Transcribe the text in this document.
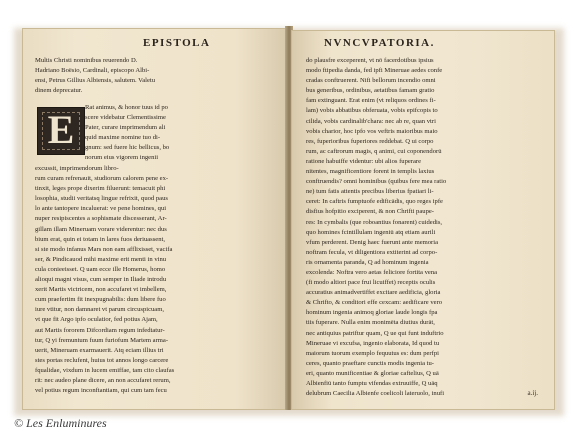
EPISTOLA
Multis Christi nominibus reuerendo D.
Hadriano Boësio, Cardinali, episcopo Albi-
ensi, Petrus Gillius Albiensis, salutem. Valetu
dinem deprecatur.
E	Rat animus, & honor tuus id po
scere videbatur Clementissime
Pater, curare imprimendum ali
quid maxime nomine tuo di-
gnum: sed fuere hic bellicus, bo
norum eius vigorem ingenii
excussit, imprimendorum libro-
rum curam refrenauit, studiorum calorem pene ex-
tinxit, leges prope dixerim filuerunt: temacuit phi
losophia, studii veritatsq lingue refrixit, quod paus
lo ante tantopere incaluerat: ve pene homines, qui
nuper resipiscentes a sophismate discesserant, Ar-
gillam illam Mineruam vorare viderentur: nec dus
bium erat, quin ei totam in lares fuos deriuassent,
si ste modo infanus Mars non eam afflixisset, vacifa
ser, & Pindicauod mihi maxime erit menti in vinu
cula conieeisset. Q uam ecce ille Homerus, homo
alioqui magni visus, cum semper in Iliade introdu
xerit Martis victricem, non accufaret vt imbellem,
cum praefertim fit inexpugnabilis: dum libere fuo
iure vtitur, non damnaret vt parum circuspicuam,
vt que fit Argo ipfo oculatior, fed potius Ajam,
aut Martis fororem Difcordiam regum infedtatur-
tur, Q yi fremuntum fuum furiofum Martem arma-
uerit, Mineruam exarmauerit. Atq eciam illius tri
stes portas reclufent, huius tot annos longo carcere
fqualidae, vixdum in lucem emiffae, tam cito claufas
rit: nec audeo plane dicere, an non accufaret rerum,
vel potius regum inconftantiam, qui cum tam fecu
NVNCVPATORIA.
do plausfre exceperent, vt nō facerdotibus ipsius
modo ftipedia danda, fed ipfi Mineruae aedes confe
cradas conftruerent. Nifi bellorum incendio omni
bus generibus, ordinibus, aetatibus famam gratio
fam extinguant. Erat enim (vt reliquos ordines fi-
lam) vobis abbatibus obferuata, vobis epifcopis to
cilida, vobis cardinalib'chara: nec ab re, quan vtri
vobis charior, hoc ipfo vos veftris maioribus maio
res, fuperioribus fuperiores reddebat. Q ui corpo
rum, ac caftrorum magis, q animi, cui coponendorū
ratione habuiffe videntur: ubi alios fuperare
nitentes, magnificentiore forent in templis laxius
conftruendis? omni hominibus (quibus fere mea ratio
ne) tum fatis attentis precibus liberius fpatiari li-
ceret: In caftris fumptuofe edificādis, quo reges ipfe
disfius hofpitio exciperent, & non Chrifti paupe-
res: In cymbalis (que roboantius fonarent) cuidedis,
quo homines fcintillulam ingeniū atq etiam aurili
vfum perderent. Denig haec fuerunt ante memoria
noftram fecula, vt diligentiora extiterint ad corpo-
ris ornamenta paranda, Q ad hominum ingenia
excolenda: Noftra vero aetas feliciore fortita vena
(fi modo altiori pace frui licuiffet) receptis oculis
accuratius animadvertiffet excitare aedificia, gloria
& Chrifto, & conditori effe cexcam: aedificare vero
hominum ingenia animoq gloriae laude longis fpa
tiis fuperare. Nulla enim monimēta diutius durāt,
nec antiquius patriftur quam, Q ue qui funt induftrio
Mineruae vi excufsa, ingenio elaborata, Id quod tu
maiorum tuorum exemplo fequutus es: dum perfpi
ceres, quanto praeftare cunctis modis ingenia tu-
eri, quanto munificentiae & gloriae caftelius, Q uā
Albienfiū tanto fumptu vifendas extruuiffe, Q uāq
delubrum Caecilia Albienfe coelicoli lateruolo, inufi	a.ij.
© Les Enluminures
